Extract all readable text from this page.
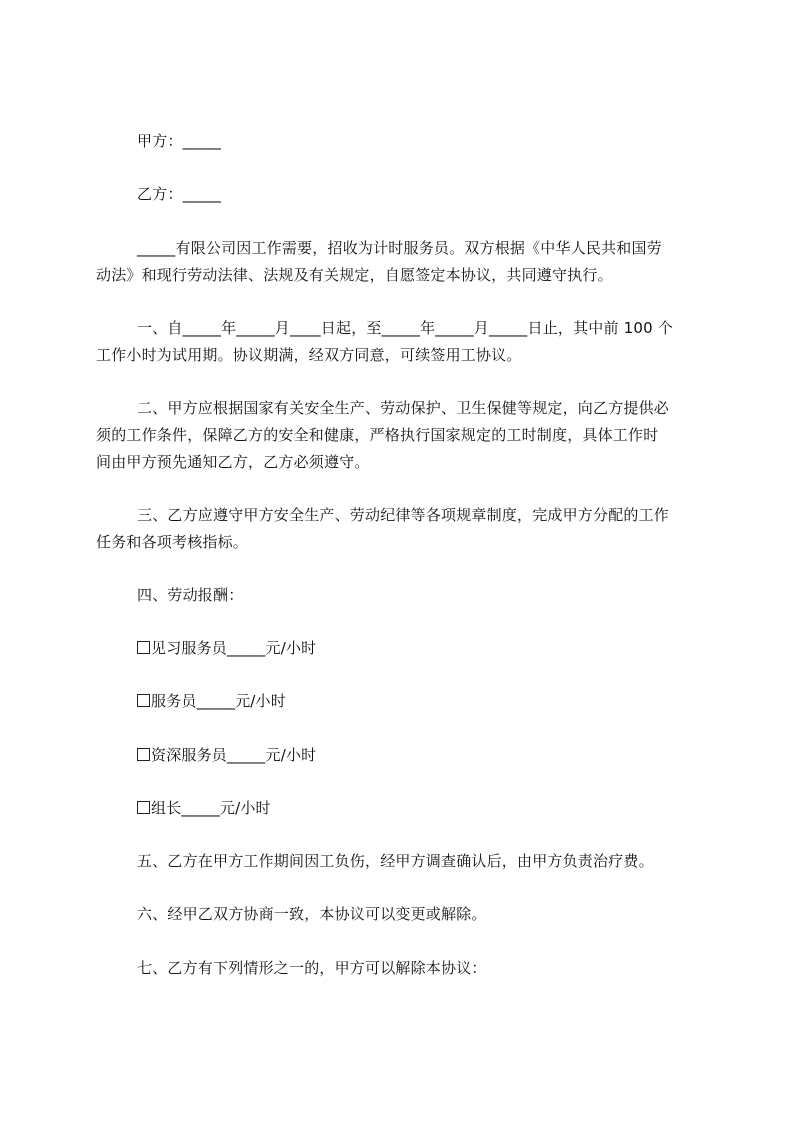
甲方：_____
乙方：_____
_____有限公司因工作需要，招收为计时服务员。双方根据《中华人民共和国劳
动法》和现行劳动法律、法规及有关规定，自愿签定本协议，共同遵守执行。
一、自_____年_____月____日起，至_____年_____月_____日止，其中前 100 个
工作小时为试用期。协议期满，经双方同意，可续签用工协议。
二、甲方应根据国家有关安全生产、劳动保护、卫生保健等规定，向乙方提供必
须的工作条件，保障乙方的安全和健康，严格执行国家规定的工时制度，具体工作时
间由甲方预先通知乙方，乙方必须遵守。
三、乙方应遵守甲方安全生产、劳动纪律等各项规章制度，完成甲方分配的工作
任务和各项考核指标。
四、劳动报酬：
见习服务员_____元/小时
服务员_____元/小时
资深服务员_____元/小时
组长_____元/小时
五、乙方在甲方工作期间因工负伤，经甲方调查确认后，由甲方负责治疗费。
六、经甲乙双方协商一致，本协议可以变更或解除。
七、乙方有下列情形之一的，甲方可以解除本协议：
